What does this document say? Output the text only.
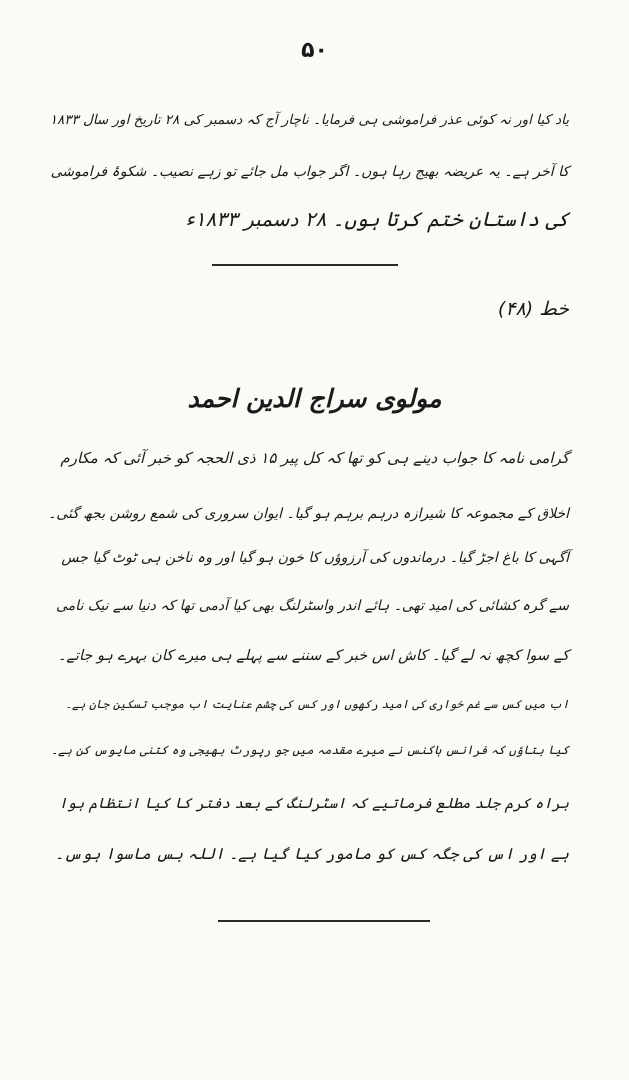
۵۰
یاد کیا اور نہ کوئی عذر فراموشی ہی فرمایا۔ ناچار آج کہ دسمبر کی ۲۸ تاریخ اور سال ۱۸۳۳
کا آخر ہے۔ یہ عریضہ بھیج رہا ہوں۔ اگر جواب مل جائے تو زہے نصیب۔ شکوۂ فراموشی
کی داستان ختم کرتا ہوں۔ ۲۸ دسمبر ۱۸۳۳ء
خط (۴۸)
مولوی سراج الدین احمد
گرامی نامہ کا جواب دینے ہی کو تھا کہ کل پیر ۱۵ ذی الحجہ کو خبر آئی کہ مکارم
اخلاق کے مجموعہ کا شیرازہ درہم برہم ہو گیا۔ ایوان سروری کی شمع روشن بجھ گئی۔
آگہی کا باغ اجڑ گیا۔ درماندوں کی آرزوؤں کا خون ہو گیا اور وہ ناخن ہی ٹوٹ گیا جس
سے گرہ کشائی کی امید تھی۔ ہائے اندر واسٹرلنگ بھی کیا آدمی تھا کہ دنیا سے نیک نامی
کے سوا کچھ نہ لے گیا۔ کاش اس خبر کے سننے سے پہلے ہی میرے کان بہرے ہو جاتے۔
اب میں کس سے غم خواری کی امید رکھوں اور کس کی چشم عنایت اب موجب تسکین جان ہے۔
کیا بتاؤں کہ فرانس ہاکنس نے میرے مقدمہ میں جو رپورٹ بھیجی وہ کتنی مایوس کن ہے۔
براہ کرم جلد مطلع فرماتیے کہ اسٹرلنگ کے بعد دفتر کا کیا انتظام ہوا
ہے اور اس کی جگہ کس کو مامور کیا گیا ہے۔ اللہ بس ماسوا ہوس۔
